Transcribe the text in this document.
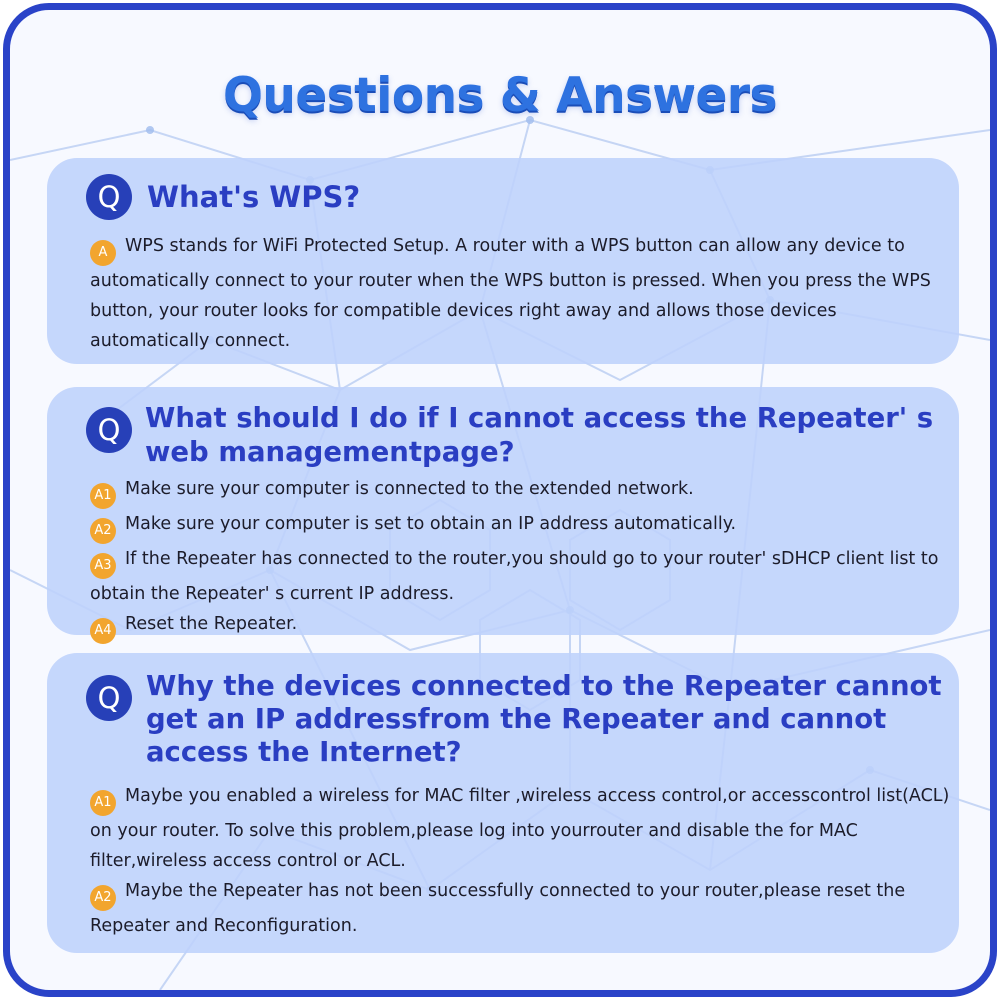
Questions & Answers
Q What's WPS?
A WPS stands for WiFi Protected Setup. A router with a WPS button can allow any device to automatically connect to your router when the WPS button is pressed. When you press the WPS button, your router looks for compatible devices right away and allows those devices automatically connect.
Q What should I do if I cannot access the Repeater' s web managementpage?
A1 Make sure your computer is connected to the extended network.
A2 Make sure your computer is set to obtain an IP address automatically.
A3 If the Repeater has connected to the router,you should go to your router' sDHCP client list to obtain the Repeater' s current IP address.
A4 Reset the Repeater.
Q Why the devices connected to the Repeater cannot get an IP addressfrom the Repeater and cannot access the Internet?
A1 Maybe you enabled a wireless for MAC filter ,wireless access control,or accesscontrol list(ACL) on your router. To solve this problem,please log into yourrouter and disable the for MAC filter,wireless access control or ACL.
A2 Maybe the Repeater has not been successfully connected to your router,please reset the Repeater and Reconfiguration.
